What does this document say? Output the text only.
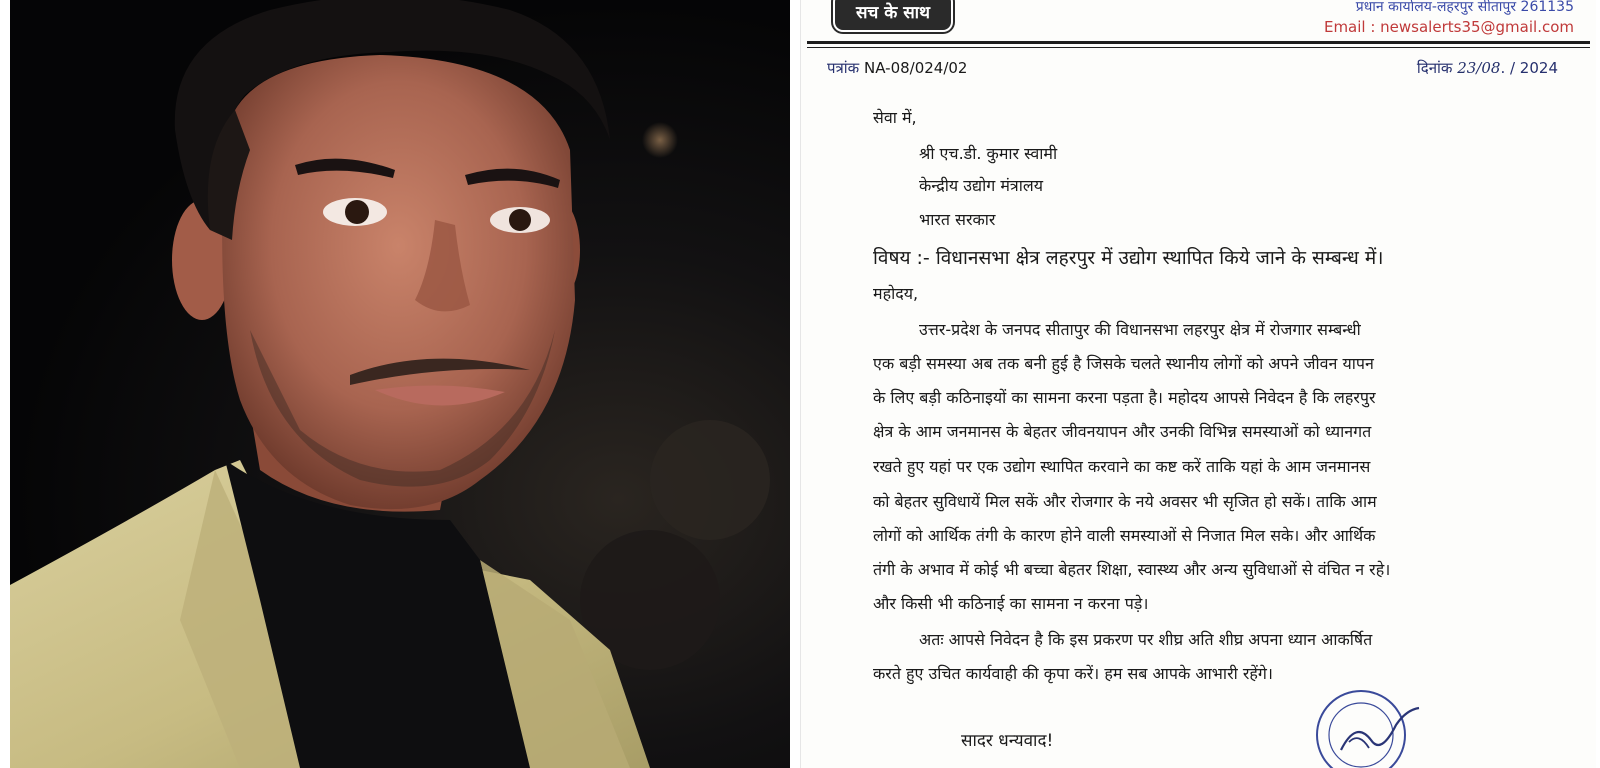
सच के साथ	प्रधान कार्यालय-लहरपुर सीतापुर 261135
Email : newsalerts35@gmail.com
पत्रांक NA-08/024/02	दिनांक 23/08. / 2024
सेवा में,
श्री एच.डी. कुमार स्वामी
केन्द्रीय उद्योग मंत्रालय
भारत सरकार
विषय :- विधानसभा क्षेत्र लहरपुर में उद्योग स्थापित किये जाने के सम्बन्ध में।
महोदय,
उत्तर-प्रदेश के जनपद सीतापुर की विधानसभा लहरपुर क्षेत्र में रोजगार सम्बन्धी
एक बड़ी समस्या अब तक बनी हुई है जिसके चलते स्थानीय लोगों को अपने जीवन यापन
के लिए बड़ी कठिनाइयों का सामना करना पड़ता है। महोदय आपसे निवेदन है कि लहरपुर
क्षेत्र के आम जनमानस के बेहतर जीवनयापन और उनकी विभिन्न समस्याओं को ध्यानगत
रखते हुए यहां पर एक उद्योग स्थापित करवाने का कष्ट करें ताकि यहां के आम जनमानस
को बेहतर सुविधायें मिल सकें और रोजगार के नये अवसर भी सृजित हो सकें। ताकि आम
लोगों को आर्थिक तंगी के कारण होने वाली समस्याओं से निजात मिल सके। और आर्थिक
तंगी के अभाव में कोई भी बच्चा बेहतर शिक्षा, स्वास्थ्य और अन्य सुविधाओं से वंचित न रहे।
और किसी भी कठिनाई का सामना न करना पड़े।
अतः आपसे निवेदन है कि इस प्रकरण पर शीघ्र अति शीघ्र अपना ध्यान आकर्षित
करते हुए उचित कार्यवाही की कृपा करें। हम सब आपके आभारी रहेंगे।
सादर धन्यवाद!
